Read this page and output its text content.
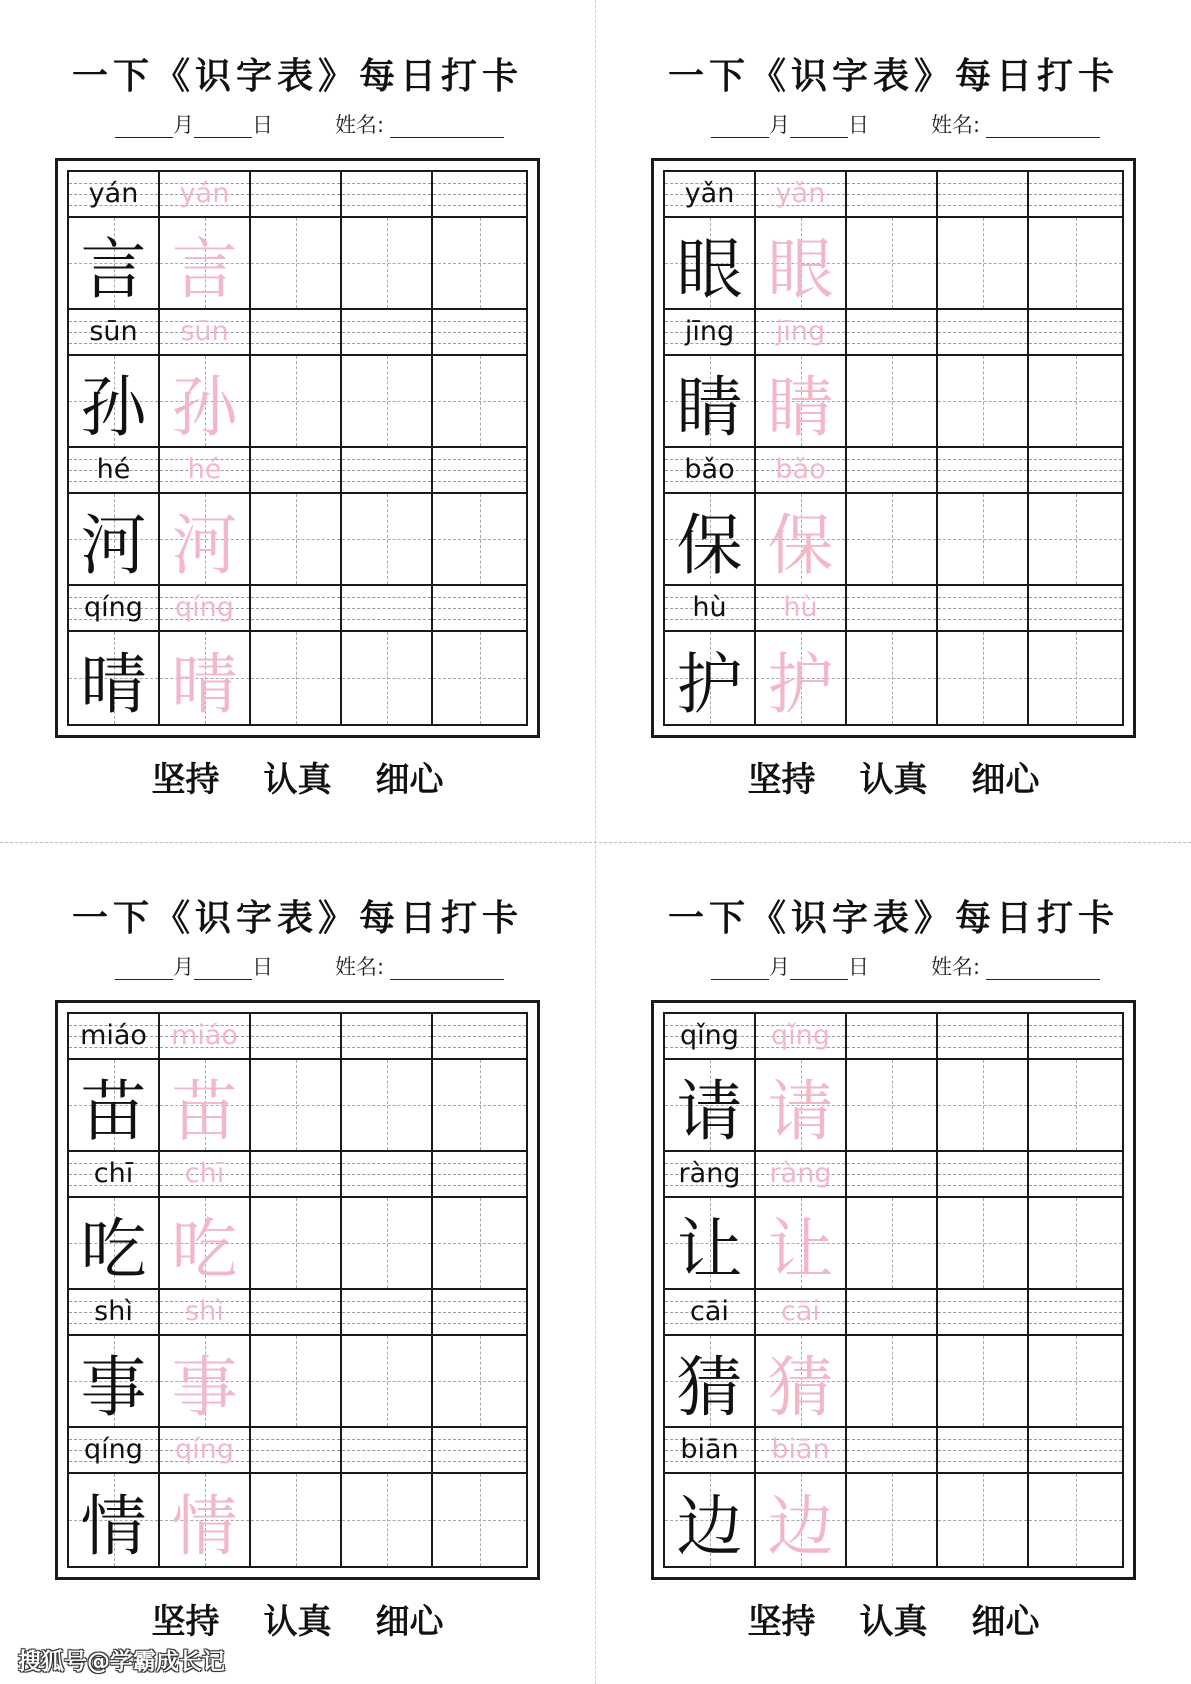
一下《识字表》每日打卡
月	日	姓名:
yán	yán
言 言
sūn	sūn
孙 孙
hé	hé
河 河
qíng	qíng
晴 晴
坚持 认真 细心
一下《识字表》每日打卡
月	日	姓名:
yǎn	yǎn
眼 眼
jīng	jīng
睛 睛
bǎo	bǎo
保 保
hù	hù
护 护
坚持 认真 细心
一下《识字表》每日打卡
月	日	姓名:
miáo miáo
苗 苗
chī	chī
吃 吃
shì	shì
事 事
qíng	qíng
情 情
坚持 认真 细心
一下《识字表》每日打卡
月	日	姓名:
qǐng	qǐng
请 请
ràng	ràng
让 让
cāi	cāi
猜 猜
biān	biān
边 边
坚持 认真 细心
搜狐号@学霸成长记
